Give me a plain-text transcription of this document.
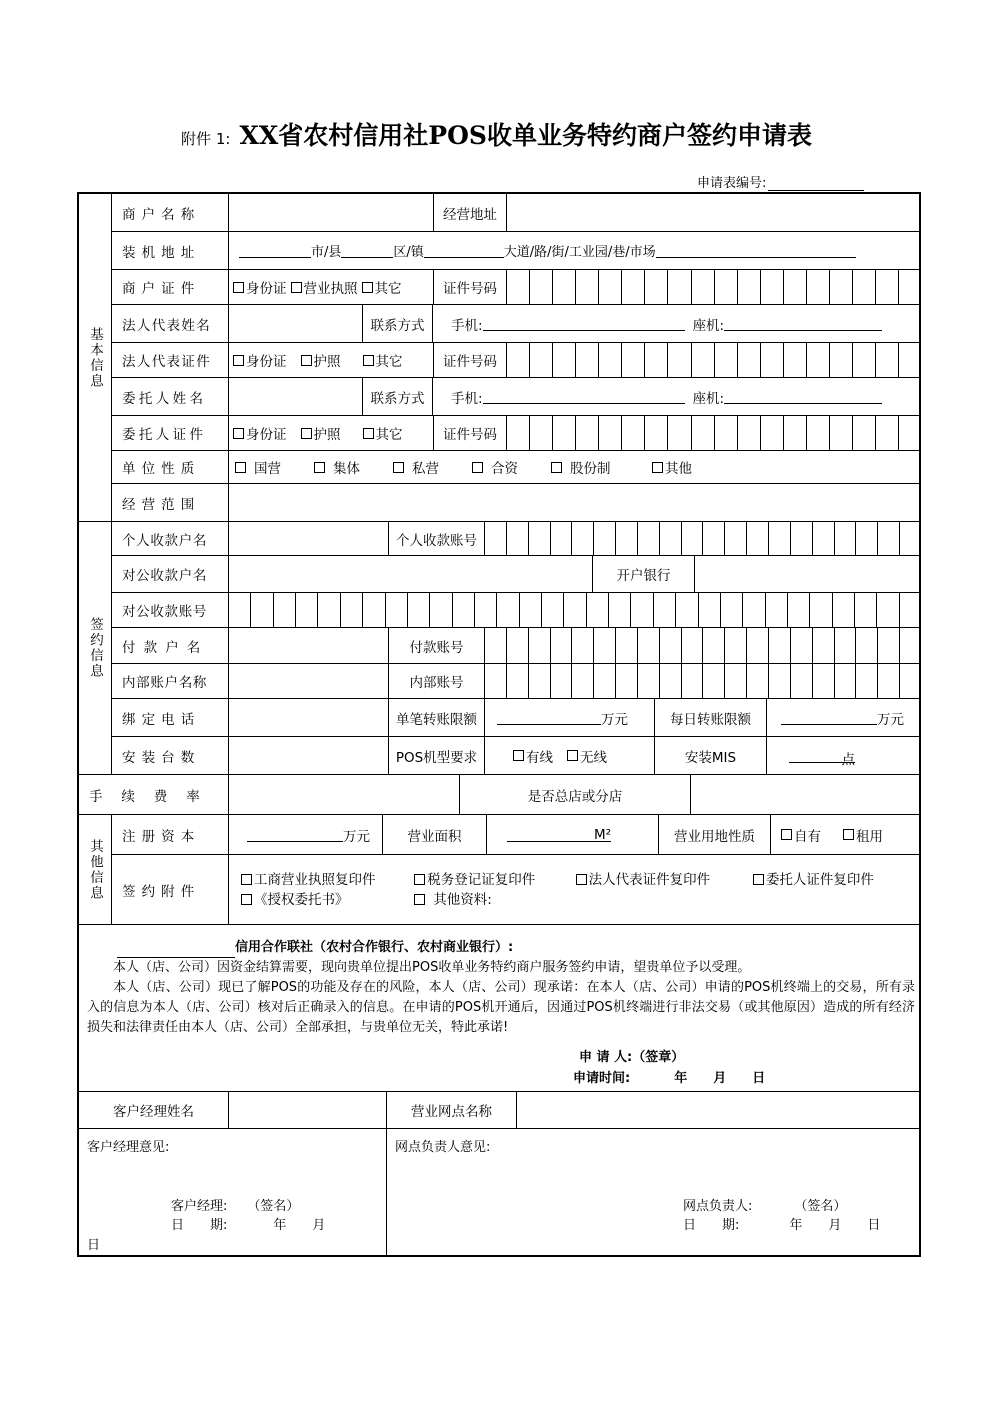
附件 1: XX省农村信用社POS收单业务特约商户签约申请表
申请表编号:
基本信息
商户名称	经营地址
装机地址	市/县	区/镇	大道/路/街/工业园/巷/市场
商户证件	身份证 营业执照 其它	证件号码
法人代表姓名	联系方式	手机:	座机:
法人代表证件	身份证 护照	其它	证件号码
委托人姓名	联系方式	手机:	座机:
委托人证件	身份证 护照	其它	证件号码
单位性质	国营	集体	私营	合资	股份制	其他
经营范围
签约信息
个人收款户名	个人收款账号
对公收款户名	开户银行
对公收款账号
付款户名	付款账号
内部账户名称	内部账号
绑定电话	单笔转账限额	万元	每日转账限额	万元
安装台数	POS机型要求	有线 无线	安装MIS	点
手续费率	是否总店或分店
其他信息
注册资本	万元	营业面积	M²	营业用地性质	自有	租用
签约附件
工商营业执照复印件	税务登记证复印件	法人代表证件复印件	委托人证件复印件
《授权委托书》	其他资料:
信用合作联社（农村合作银行、农村商业银行）:
本人（店、公司）因资金结算需要，现向贵单位提出POS收单业务特约商户服务签约申请，望贵单位予以受理。
本人（店、公司）现已了解POS的功能及存在的风险，本人（店、公司）现承诺：在本人（店、公司）申请的POS机终端上的交易，所有录入的信息为本人（店、公司）核对后正确录入的信息。在申请的POS机开通后，因通过POS机终端进行非法交易（或其他原因）造成的所有经济损失和法律责任由本人（店、公司）全部承担，与贵单位无关，特此承诺!
申 请 人:（签章）
申请时间:	年　　月　　日
客户经理姓名	营业网点名称
客户经理意见:	网点负责人意见:
客户经理: （签名）
日　　期:	年　　月
日
网点负责人:	（签名）
日　　期:	年　　月　　日
